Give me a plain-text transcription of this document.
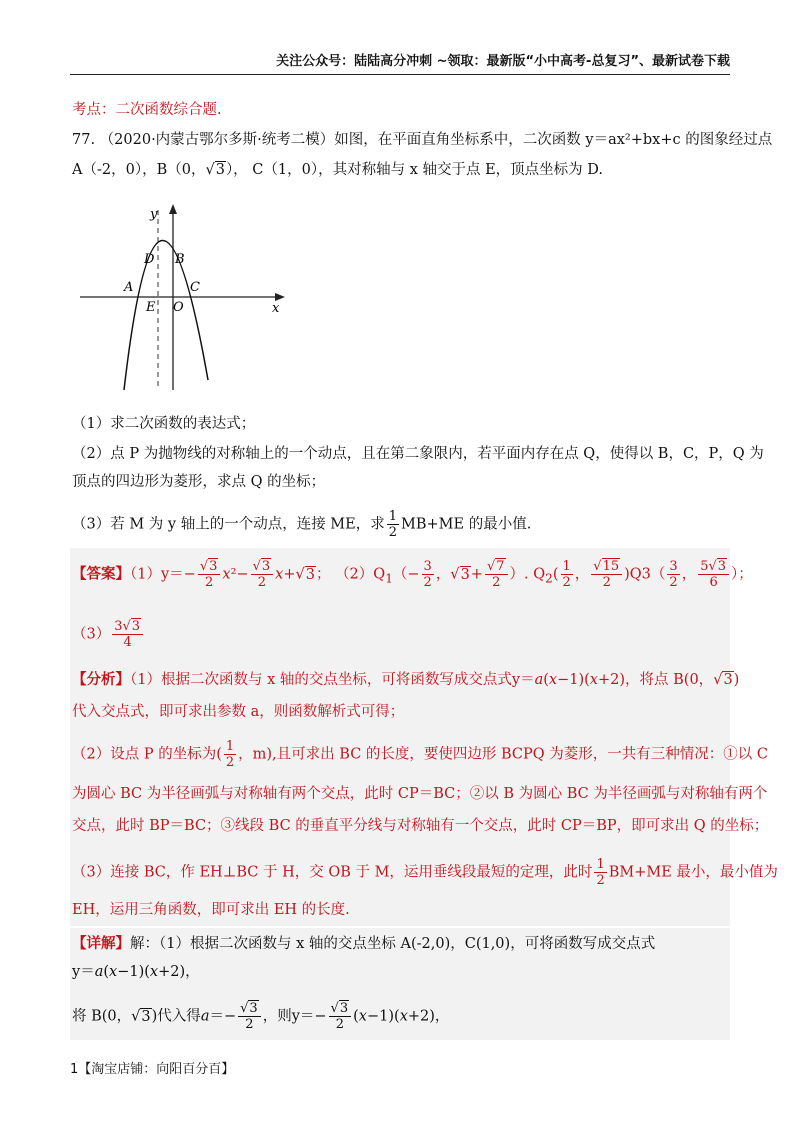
关注公众号：陆陆高分冲刺 ~领取：最新版“小中高考-总复习”、最新试卷下载
考点：二次函数综合题.
77. （2020·内蒙古鄂尔多斯·统考二模）如图，在平面直角坐标系中，二次函数 y＝ax²+bx+c 的图象经过点
A（-2，0），B（0，√3）， C（1，0），其对称轴与 x 轴交于点 E，顶点坐标为 D.
y
x
D B
A	C
E O
（1）求二次函数的表达式；
（2）点 P 为抛物线的对称轴上的一个动点，且在第二象限内，若平面内存在点 Q，使得以 B，C，P，Q 为
顶点的四边形为菱形，求点 Q 的坐标；
（3）若 M 为 y 轴上的一个动点，连接 ME，求 $\frac{1}{2} MB+ME$ 的最小值.
【答案】$(1)y=- \frac{√3}{2} x^2- \frac{√3}{2} x+√3$； $(2)Q_1(- \frac{3}{2}$ ，$√3+ \frac{√7}{2}$ ）. $Q_2( \frac{1}{2}$ ， $\frac{√15}{2} )Q3( \frac{3}{2}$ ， $\frac{5√3}{6}$ ）；
$(3) \frac{3√3}{4}$
【分析】（1）根据二次函数与 x 轴的交点坐标，可将函数写成交点式y＝a(x−1)(x+2)，将点 B(0，√3)
代入交点式，即可求出参数 a，则函数解析式可得；
（2）设点 P 的坐标为( $\frac{1}{2}$ ，m),且可求出 BC 的长度，要使四边形 BCPQ 为菱形，一共有三种情况：①以 C
为圆心 BC 为半径画弧与对称轴有两个交点，此时 CP＝BC；②以 B 为圆心 BC 为半径画弧与对称轴有两个
交点，此时 BP＝BC；③线段 BC 的垂直平分线与对称轴有一个交点，此时 CP＝BP，即可求出 Q 的坐标；
（3）连接 BC，作 EH⊥BC 于 H，交 OB 于 M，运用垂线段最短的定理，此时 $\frac{1}{2} BM+ME$ 最小，最小值为
EH，运用三角函数，即可求出 EH 的长度.
【详解】解：（1）根据二次函数与 x 轴的交点坐标 A(-2,0)，C(1,0)，可将函数写成交点式
y＝a(x−1)(x+2)，
将 B(0，√3)代入得$a=- \frac{√3}{2}$ ，则$y=- \frac{√3}{2} (x-1)(x+2)$，
1【淘宝店铺：向阳百分百】
